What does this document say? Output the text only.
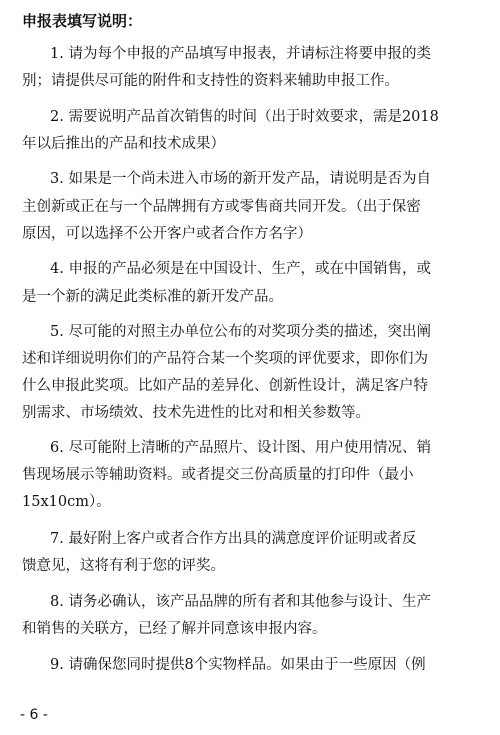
申报表填写说明：
1. 请为每个申报的产品填写申报表，并请标注将要申报的类
别；请提供尽可能的附件和支持性的资料来辅助申报工作。
2. 需要说明产品首次销售的时间（出于时效要求，需是2018
年以后推出的产品和技术成果）
3. 如果是一个尚未进入市场的新开发产品，请说明是否为自
主创新或正在与一个品牌拥有方或零售商共同开发。（出于保密
原因，可以选择不公开客户或者合作方名字）
4. 申报的产品必须是在中国设计、生产，或在中国销售，或
是一个新的满足此类标准的新开发产品。
5. 尽可能的对照主办单位公布的对奖项分类的描述，突出阐
述和详细说明你们的产品符合某一个奖项的评优要求，即你们为
什么申报此奖项。比如产品的差异化、创新性设计，满足客户特
别需求、市场绩效、技术先进性的比对和相关参数等。
6. 尽可能附上清晰的产品照片、设计图、用户使用情况、销
售现场展示等辅助资料。或者提交三份高质量的打印件（最小
15x10cm）。
7. 最好附上客户或者合作方出具的满意度评价证明或者反
馈意见，这将有利于您的评奖。
8. 请务必确认，该产品品牌的所有者和其他参与设计、生产
和销售的关联方，已经了解并同意该申报内容。
9. 请确保您同时提供8个实物样品。如果由于一些原因（例
- 6 -
